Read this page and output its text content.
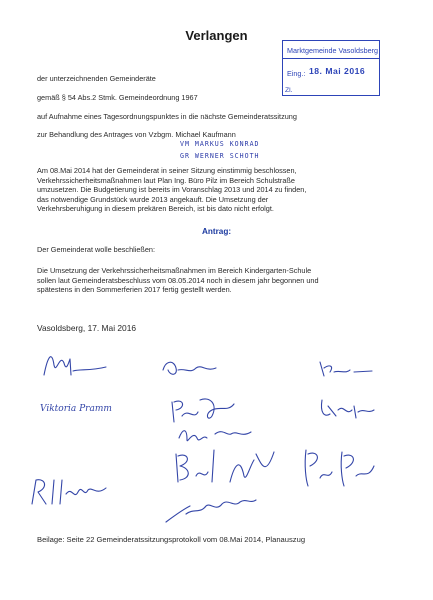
Verlangen
Marktgemeinde Vasoldsberg
Eing.: 18. Mai 2016
Zl.
der unterzeichnenden Gemeinderäte
gemäß § 54 Abs.2 Stmk. Gemeindeordnung 1967
auf Aufnahme eines Tagesordnungspunktes in die nächste Gemeinderatssitzung
zur Behandlung des Antrages von Vzbgm. Michael Kaufmann
VM MARKUS KONRAD
GR WERNER SCHOTH
Am 08.Mai 2014 hat der Gemeinderat in seiner Sitzung einstimmig beschlossen,
Verkehrssicherheitsmaßnahmen laut Plan Ing. Büro Pilz im Bereich Schulstraße
umzusetzen. Die Budgetierung ist bereits im Voranschlag 2013 und 2014 zu finden,
das notwendige Grundstück wurde 2013 angekauft. Die Umsetzung der
Verkehrsberuhigung in diesem prekären Bereich, ist bis dato nicht erfolgt.
Antrag:
Der Gemeinderat wolle beschließen:
Die Umsetzung der Verkehrssicherheitsmaßnahmen im Bereich Kindergarten-Schule
sollen laut Gemeinderatsbeschluss vom 08.05.2014 noch in diesem jahr begonnen und
spätestens in den Sommerferien 2017 fertig gestellt werden.
Vasoldsberg, 17. Mai 2016
Viktoria Pramm
Beilage: Seite 22 Gemeinderatssitzungsprotokoll vom 08.Mai 2014, Planauszug
